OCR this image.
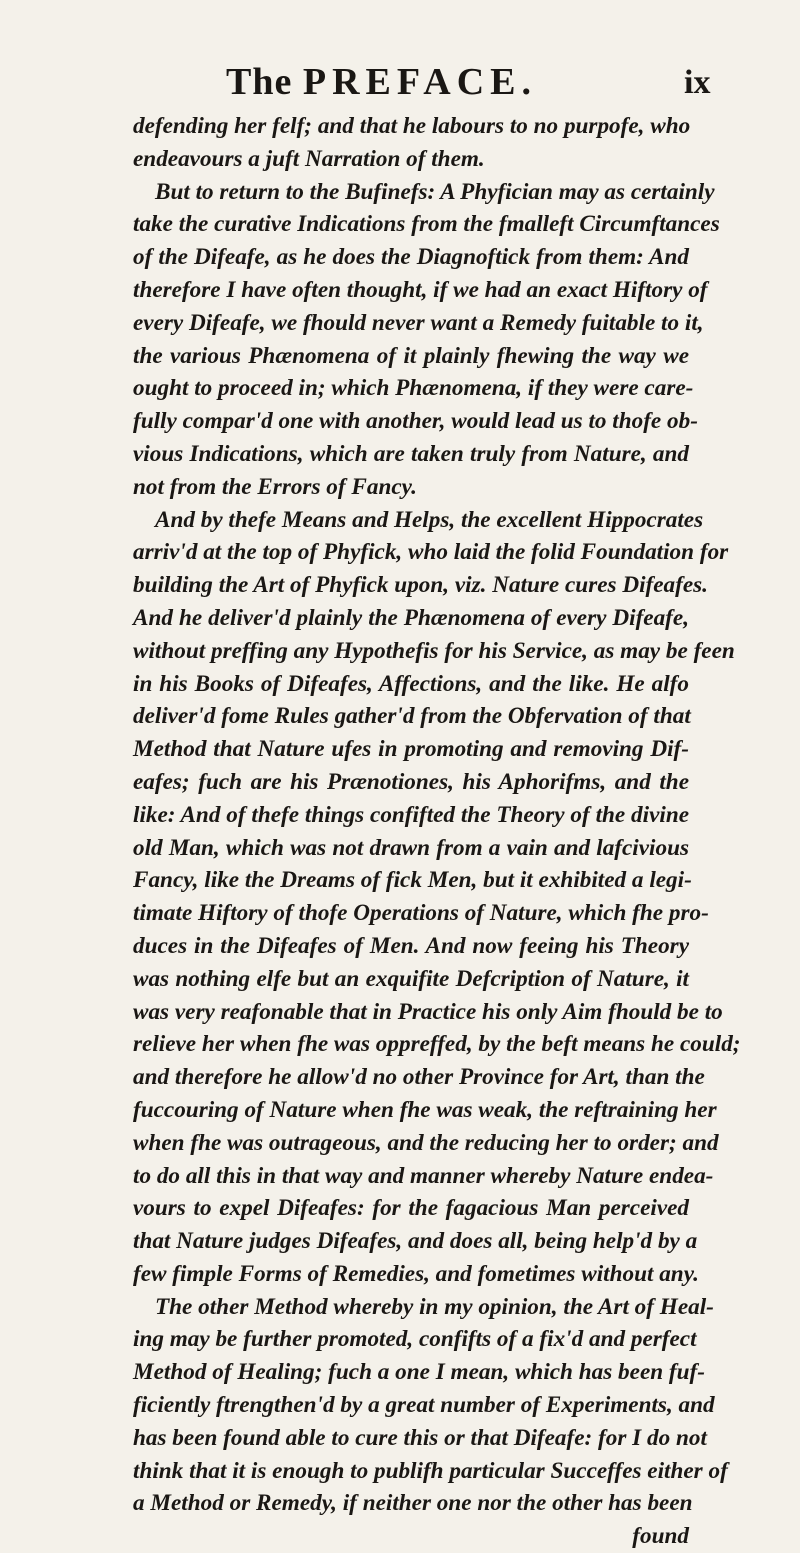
The PREFACE.	ix
defending her felf; and that he labours to no purpofe, who
endeavours a juft Narration of them.
But to return to the Bufinefs: A Phyfician may as certainly
take the curative Indications from the fmalleft Circumftances
of the Difeafe, as he does the Diagnoftick from them: And
therefore I have often thought, if we had an exact Hiftory of
every Difeafe, we fhould never want a Remedy fuitable to it,
the various Phænomena of it plainly fhewing the way we
ought to proceed in; which Phænomena, if they were care-
fully compar'd one with another, would lead us to thofe ob-
vious Indications, which are taken truly from Nature, and
not from the Errors of Fancy.
And by thefe Means and Helps, the excellent Hippocrates
arriv'd at the top of Phyfick, who laid the folid Foundation for
building the Art of Phyfick upon, viz. Nature cures Difeafes.
And he deliver'd plainly the Phænomena of every Difeafe,
without preffing any Hypothefis for his Service, as may be feen
in his Books of Difeafes, Affections, and the like. He alfo
deliver'd fome Rules gather'd from the Obfervation of that
Method that Nature ufes in promoting and removing Dif-
eafes; fuch are his Prænotiones, his Aphorifms, and the
like: And of thefe things confifted the Theory of the divine
old Man, which was not drawn from a vain and lafcivious
Fancy, like the Dreams of fick Men, but it exhibited a legi-
timate Hiftory of thofe Operations of Nature, which fhe pro-
duces in the Difeafes of Men. And now feeing his Theory
was nothing elfe but an exquifite Defcription of Nature, it
was very reafonable that in Practice his only Aim fhould be to
relieve her when fhe was oppreffed, by the beft means he could;
and therefore he allow'd no other Province for Art, than the
fuccouring of Nature when fhe was weak, the reftraining her
when fhe was outrageous, and the reducing her to order; and
to do all this in that way and manner whereby Nature endea-
vours to expel Difeafes: for the fagacious Man perceived
that Nature judges Difeafes, and does all, being help'd by a
few fimple Forms of Remedies, and fometimes without any.
The other Method whereby in my opinion, the Art of Heal-
ing may be further promoted, confifts of a fix'd and perfect
Method of Healing; fuch a one I mean, which has been fuf-
ficiently ftrengthen'd by a great number of Experiments, and
has been found able to cure this or that Difeafe: for I do not
think that it is enough to publifh particular Succeffes either of
a Method or Remedy, if neither one nor the other has been
found
